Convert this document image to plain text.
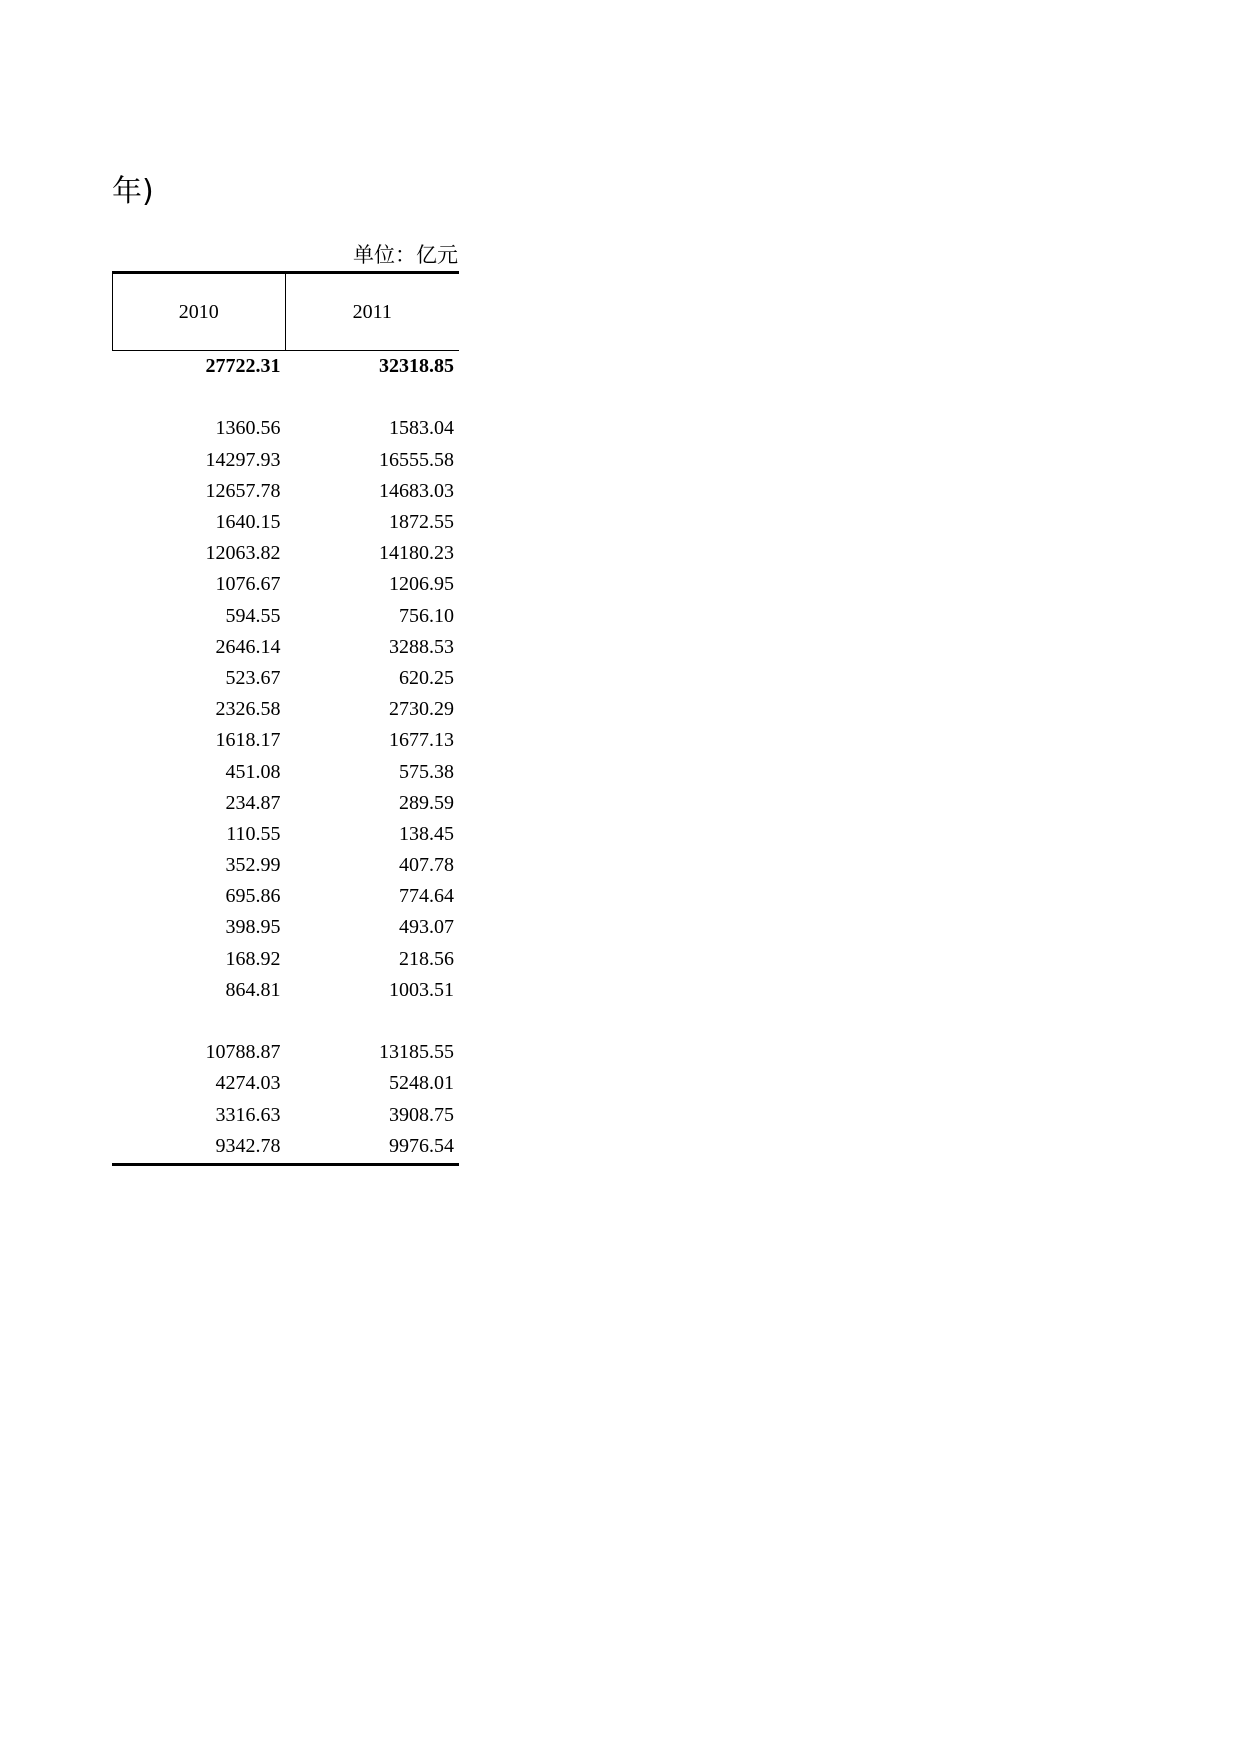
年)
单位：亿元
2010	2011
27722.31	32318.85
1360.56	1583.04
14297.93	16555.58
12657.78	14683.03
1640.15	1872.55
12063.82	14180.23
1076.67	1206.95
594.55	756.10
2646.14	3288.53
523.67	620.25
2326.58	2730.29
1618.17	1677.13
451.08	575.38
234.87	289.59
110.55	138.45
352.99	407.78
695.86	774.64
398.95	493.07
168.92	218.56
864.81	1003.51
10788.87	13185.55
4274.03	5248.01
3316.63	3908.75
9342.78	9976.54
